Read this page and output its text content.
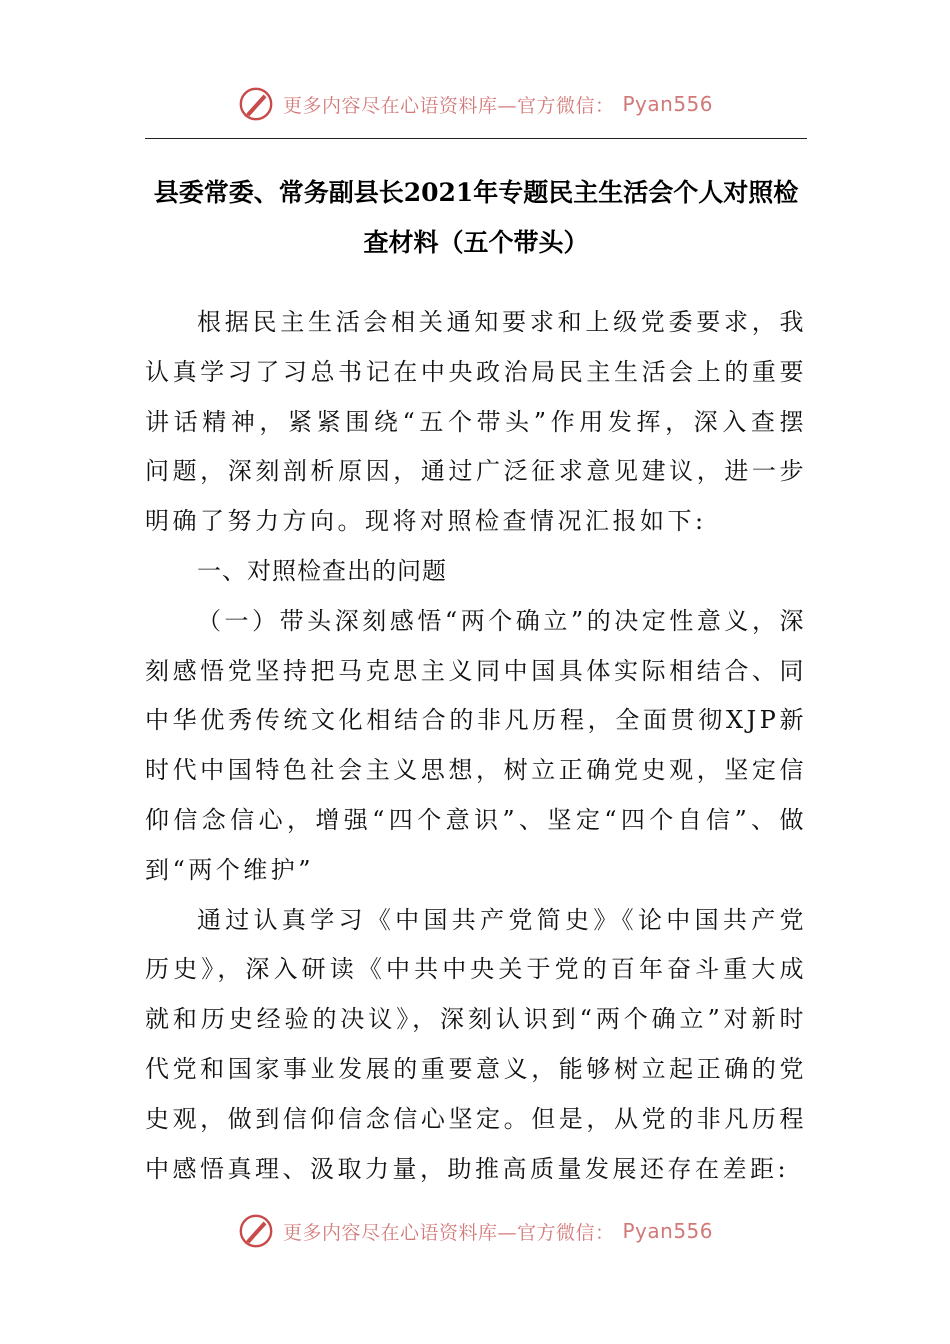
更多内容尽在心语资料库—官方微信： Pyan556
县委常委、常务副县长2021年专题民主生活会个人对照检
查材料（五个带头）

根据民主生活会相关通知要求和上级党委要求，我认真学习了习总书记在中央政治局民主生活会上的重要讲话精神，紧紧围绕“五个带头”作用发挥，深入查摆问题，深刻剖析原因，通过广泛征求意见建议，进一步明确了努力方向。现将对照检查情况汇报如下:

一、对照检查出的问题

（一）带头深刻感悟“两个确立”的决定性意义，深刻感悟党坚持把马克思主义同中国具体实际相结合、同中华优秀传统文化相结合的非凡历程，全面贯彻XJP新时代中国特色社会主义思想，树立正确党史观，坚定信仰信念信心，增强“四个意识”、坚定“四个自信”、做到“两个维护”

通过认真学习《中国共产党简史》《论中国共产党历史》，深入研读《中共中央关于党的百年奋斗重大成就和历史经验的决议》，深刻认识到“两个确立”对新时代党和国家事业发展的重要意义，能够树立起正确的党史观，做到信仰信念信心坚定。但是，从党的非凡历程中感悟真理、汲取力量，助推高质量发展还存在差距:

更多内容尽在心语资料库—官方微信： Pyan556
